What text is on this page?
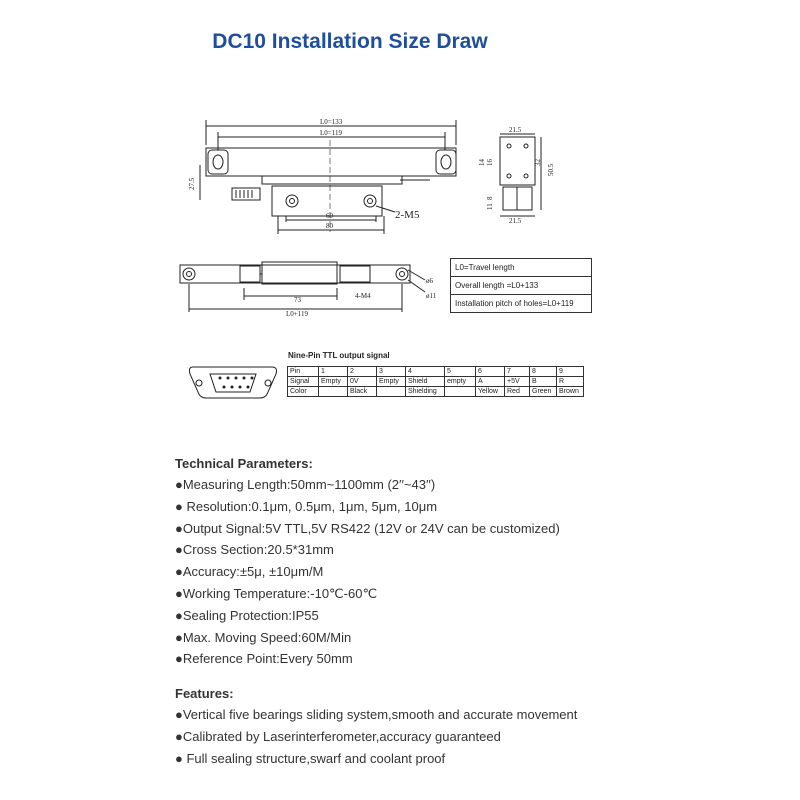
DC10 Installation Size Draw
L0=133
L0=119
27.5
60
80
2-M5
21.5
32
50.5
14 16
8
11
21.5
73
L0+119
4-M4
ø6
ø11
L0=Travel length
Overall length =L0+133
Installation pitch of holes=L0+119
Nine-Pin TTL output signal
Pin	1	2	3	4	5	6	7	8	9
Signal	Empty	0V	Empty	Shield	empty	A	+5V	B	R
Color		Black		Shielding		Yellow	Red	Green	Brown
Technical Parameters:
●Measuring Length:50mm~1100mm (2′′~43′′)
● Resolution:0.1μm, 0.5μm, 1μm, 5μm, 10μm
●Output Signal:5V TTL,5V RS422 (12V or 24V can be customized)
●Cross Section:20.5*31mm
●Accuracy:±5μ, ±10μm/M
●Working Temperature:-10℃-60℃
●Sealing Protection:IP55
●Max. Moving Speed:60M/Min
●Reference Point:Every 50mm
Features:
●Vertical five bearings sliding system,smooth and accurate movement
●Calibrated by Laserinterferometer,accuracy guaranteed
● Full sealing structure,swarf and coolant proof
